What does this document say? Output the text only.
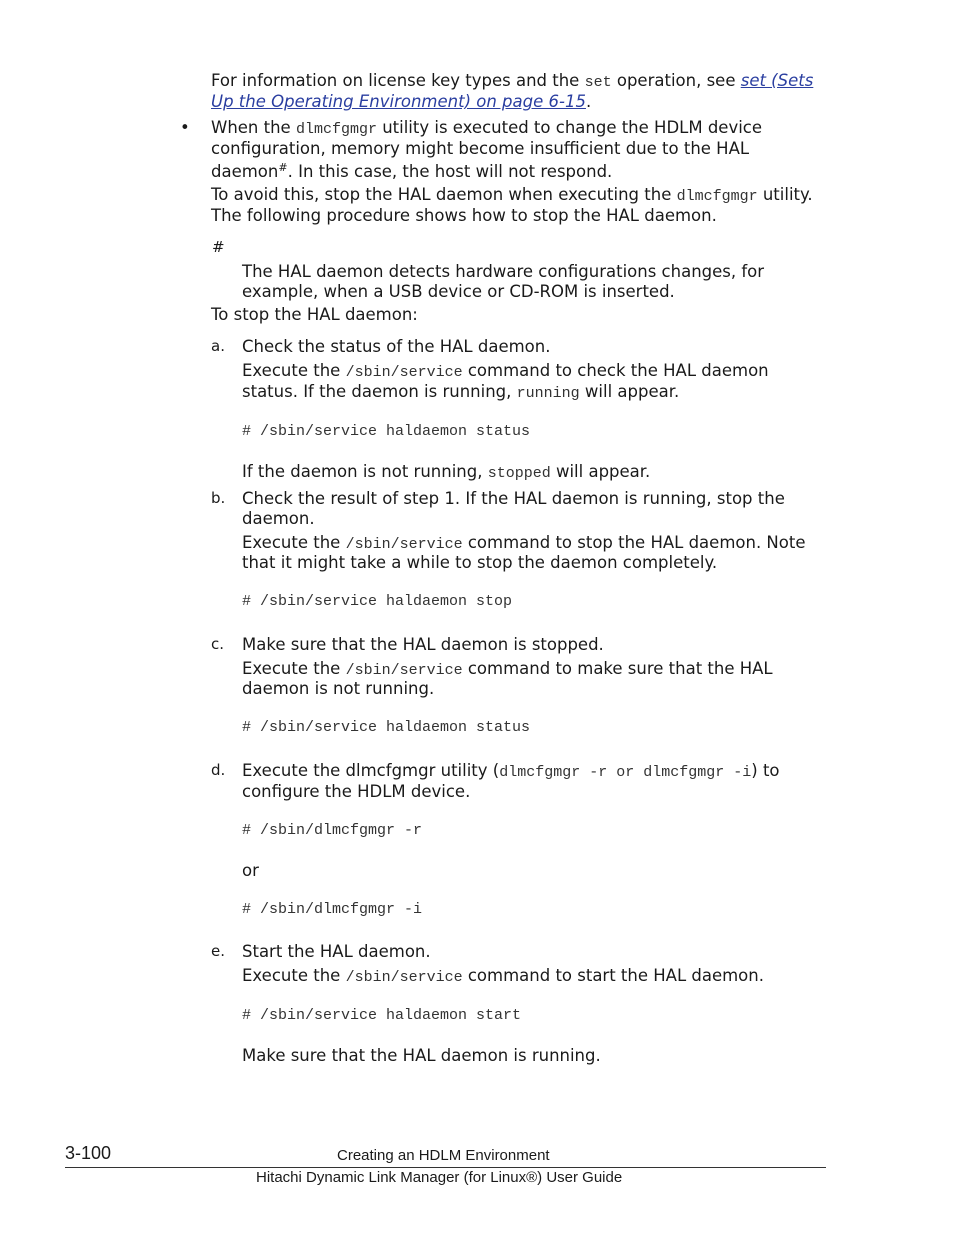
For information on license key types and the set operation, see set (Sets
Up the Operating Environment) on page 6-15.
• When the dlmcfgmgr utility is executed to change the HDLM device
configuration, memory might become insufficient due to the HAL
daemon#. In this case, the host will not respond.
To avoid this, stop the HAL daemon when executing the dlmcfgmgr utility.
The following procedure shows how to stop the HAL daemon.
#
The HAL daemon detects hardware configurations changes, for
example, when a USB device or CD-ROM is inserted.
To stop the HAL daemon:
a. Check the status of the HAL daemon.
Execute the /sbin/service command to check the HAL daemon
status. If the daemon is running, running will appear.
# /sbin/service haldaemon status
If the daemon is not running, stopped will appear.
b. Check the result of step 1. If the HAL daemon is running, stop the
daemon.
Execute the /sbin/service command to stop the HAL daemon. Note
that it might take a while to stop the daemon completely.
# /sbin/service haldaemon stop
c. Make sure that the HAL daemon is stopped.
Execute the /sbin/service command to make sure that the HAL
daemon is not running.
# /sbin/service haldaemon status
d. Execute the dlmcfgmgr utility (dlmcfgmgr -r or dlmcfgmgr -i) to
configure the HDLM device.
# /sbin/dlmcfgmgr -r
or
# /sbin/dlmcfgmgr -i
e. Start the HAL daemon.
Execute the /sbin/service command to start the HAL daemon.
# /sbin/service haldaemon start
Make sure that the HAL daemon is running.
3-100	Creating an HDLM Environment
Hitachi Dynamic Link Manager (for Linux®) User Guide
